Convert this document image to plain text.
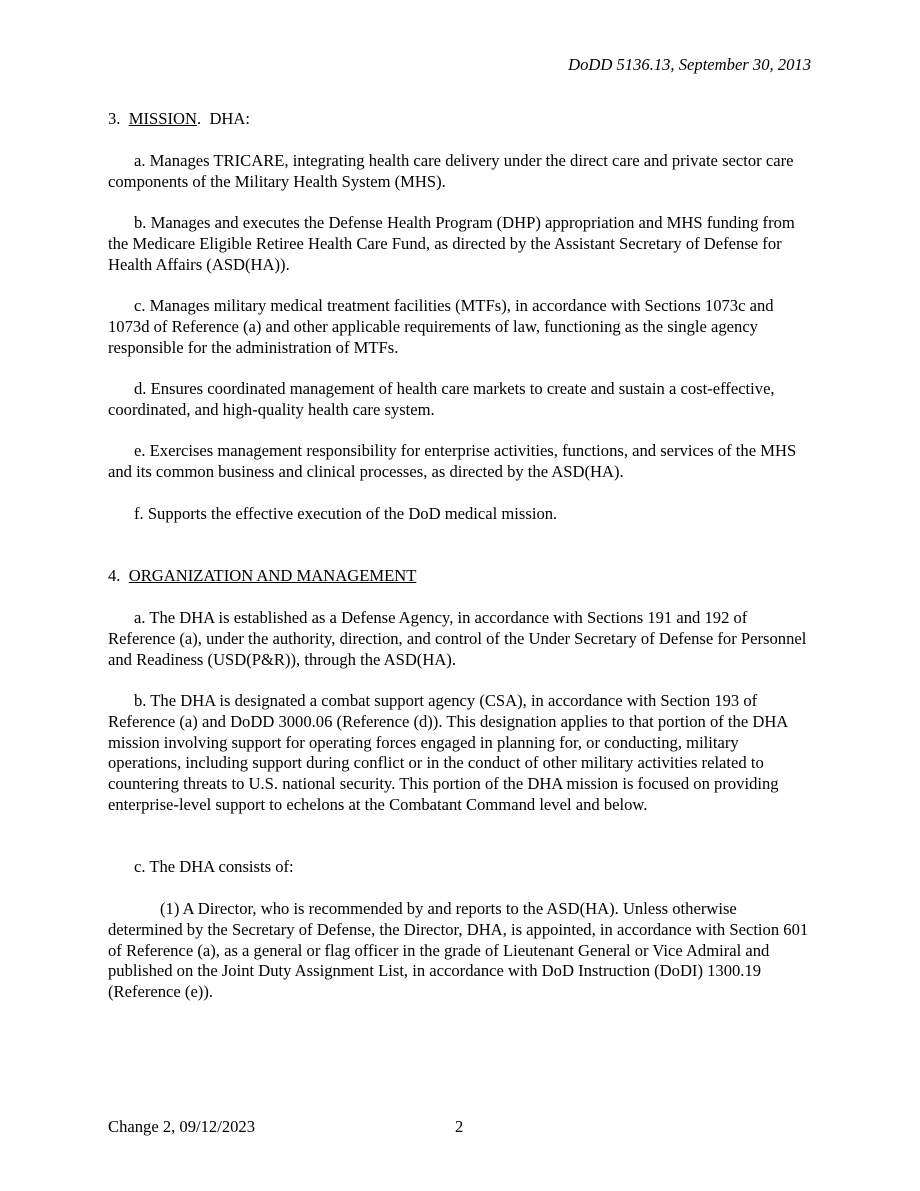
DoDD 5136.13, September 30, 2013
3. MISSION. DHA:

a. Manages TRICARE, integrating health care delivery under the direct care and private sector care components of the Military Health System (MHS).

b. Manages and executes the Defense Health Program (DHP) appropriation and MHS funding from the Medicare Eligible Retiree Health Care Fund, as directed by the Assistant Secretary of Defense for Health Affairs (ASD(HA)).

c. Manages military medical treatment facilities (MTFs), in accordance with Sections 1073c and 1073d of Reference (a) and other applicable requirements of law, functioning as the single agency responsible for the administration of MTFs.

d. Ensures coordinated management of health care markets to create and sustain a cost-effective, coordinated, and high-quality health care system.

e. Exercises management responsibility for enterprise activities, functions, and services of the MHS and its common business and clinical processes, as directed by the ASD(HA).

f. Supports the effective execution of the DoD medical mission.

4. ORGANIZATION AND MANAGEMENT

a. The DHA is established as a Defense Agency, in accordance with Sections 191 and 192 of Reference (a), under the authority, direction, and control of the Under Secretary of Defense for Personnel and Readiness (USD(P&R)), through the ASD(HA).

b. The DHA is designated a combat support agency (CSA), in accordance with Section 193 of Reference (a) and DoDD 3000.06 (Reference (d)). This designation applies to that portion of the DHA mission involving support for operating forces engaged in planning for, or conducting, military operations, including support during conflict or in the conduct of other military activities related to countering threats to U.S. national security. This portion of the DHA mission is focused on providing enterprise-level support to echelons at the Combatant Command level and below.

c. The DHA consists of:

(1) A Director, who is recommended by and reports to the ASD(HA). Unless otherwise determined by the Secretary of Defense, the Director, DHA, is appointed, in accordance with Section 601 of Reference (a), as a general or flag officer in the grade of Lieutenant General or Vice Admiral and published on the Joint Duty Assignment List, in accordance with DoD Instruction (DoDI) 1300.19 (Reference (e)).

Change 2, 09/12/2023	2
